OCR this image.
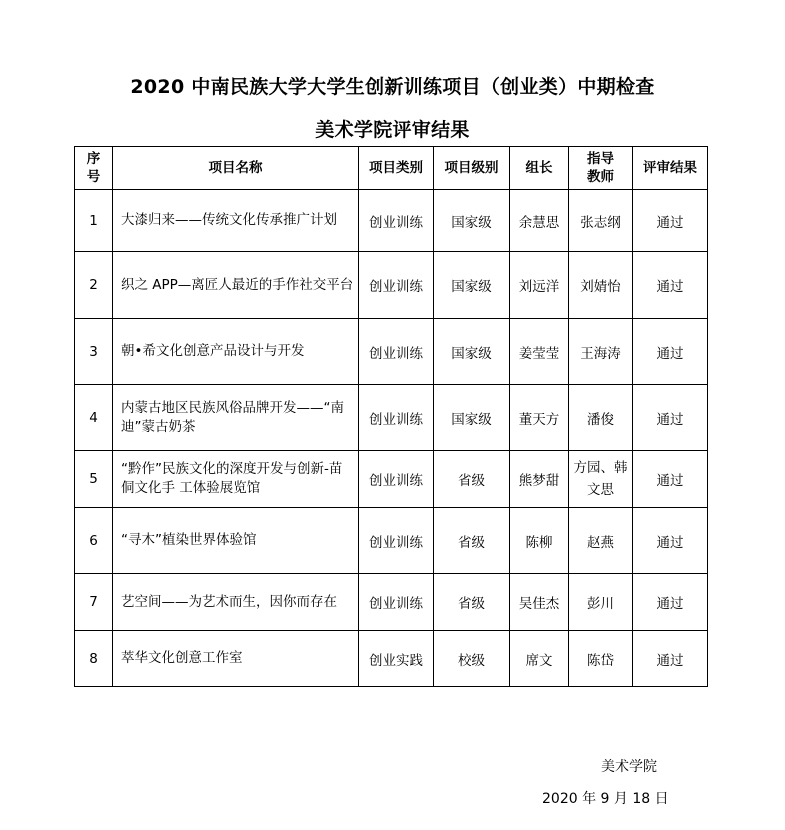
2020 中南民族大学大学生创新训练项目（创业类）中期检查
美术学院评审结果
序号	项目名称	项目类别	项目级别	组长	指导教师	评审结果
1	大漆归来——传统文化传承推广计划	创业训练	国家级	余慧思	张志纲	通过
2	织之 APP—离匠人最近的手作社交平台	创业训练	国家级	刘远洋	刘婧怡	通过
3	朝•希文化创意产品设计与开发	创业训练	国家级	姜莹莹	王海涛	通过
4	内蒙古地区民族风俗品牌开发——“南迪”蒙古奶茶	创业训练	国家级	董天方	潘俊	通过
5	“黔作”民族文化的深度开发与创新-苗侗文化手 工体验展览馆	创业训练	省级	熊梦甜	方园、韩文思	通过
6	“寻木”植染世界体验馆	创业训练	省级	陈柳	赵燕	通过
7	艺空间——为艺术而生，因你而存在	创业训练	省级	吴佳杰	彭川	通过
8	萃华文化创意工作室	创业实践	校级	席文	陈岱	通过
美术学院
2020 年 9 月 18 日
